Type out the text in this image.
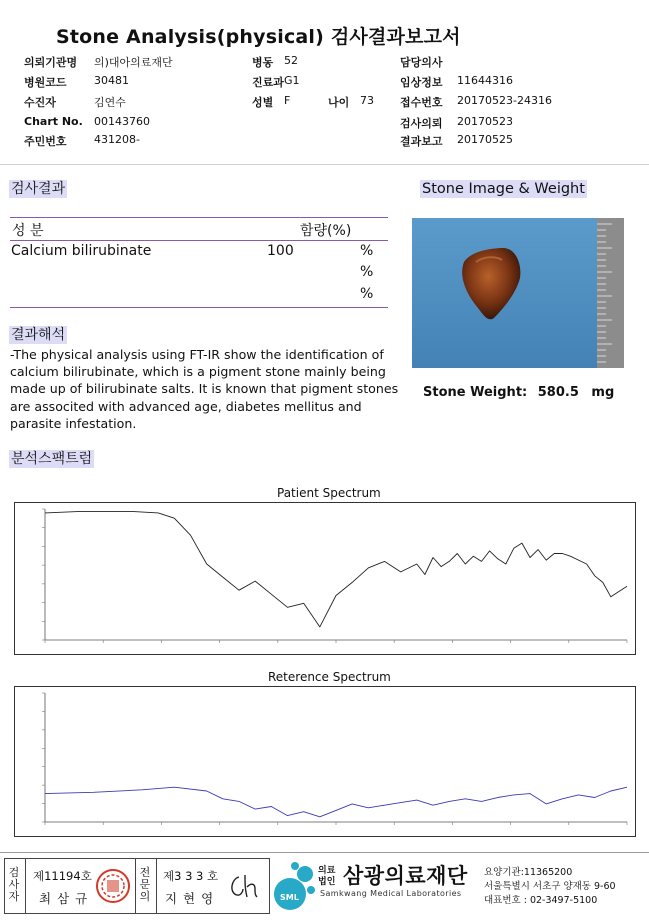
Stone Analysis(physical) 검사결과보고서
의뢰기관명 의)대아의료재단
병원코드 30481
수진자	김연수
Chart No. 00143760
주민번호 431208-
병동 52
진료과 G1
성별 F	나이 73
담당의사
임상정보 11644316
접수번호 20170523-24316
검사의뢰 20170523
결과보고 20170525
검사결과
성 분	함량(%)
Calcium bilirubinate	100	%
%
%
결과해석
-The physical analysis using FT-IR show the identification of calcium bilirubinate, which is a pigment stone mainly being made up of bilirubinate salts. It is known that pigment stones are associted with advanced age, diabetes mellitus and parasite infestation.
Stone Image & Weight
Stone Weight: 580.5 mg
분석스팩트럼
Patient Spectrum
Reterence Spectrum
검사자
제11194호
최 삼 규
전문의
제3 3 3 호
지 현 영	SML
의료법인 삼광의료재단
Samkwang Medical Laboratories
요양기관:11365200
서울특별시 서초구 양재동 9-60
대표번호 : 02-3497-5100
